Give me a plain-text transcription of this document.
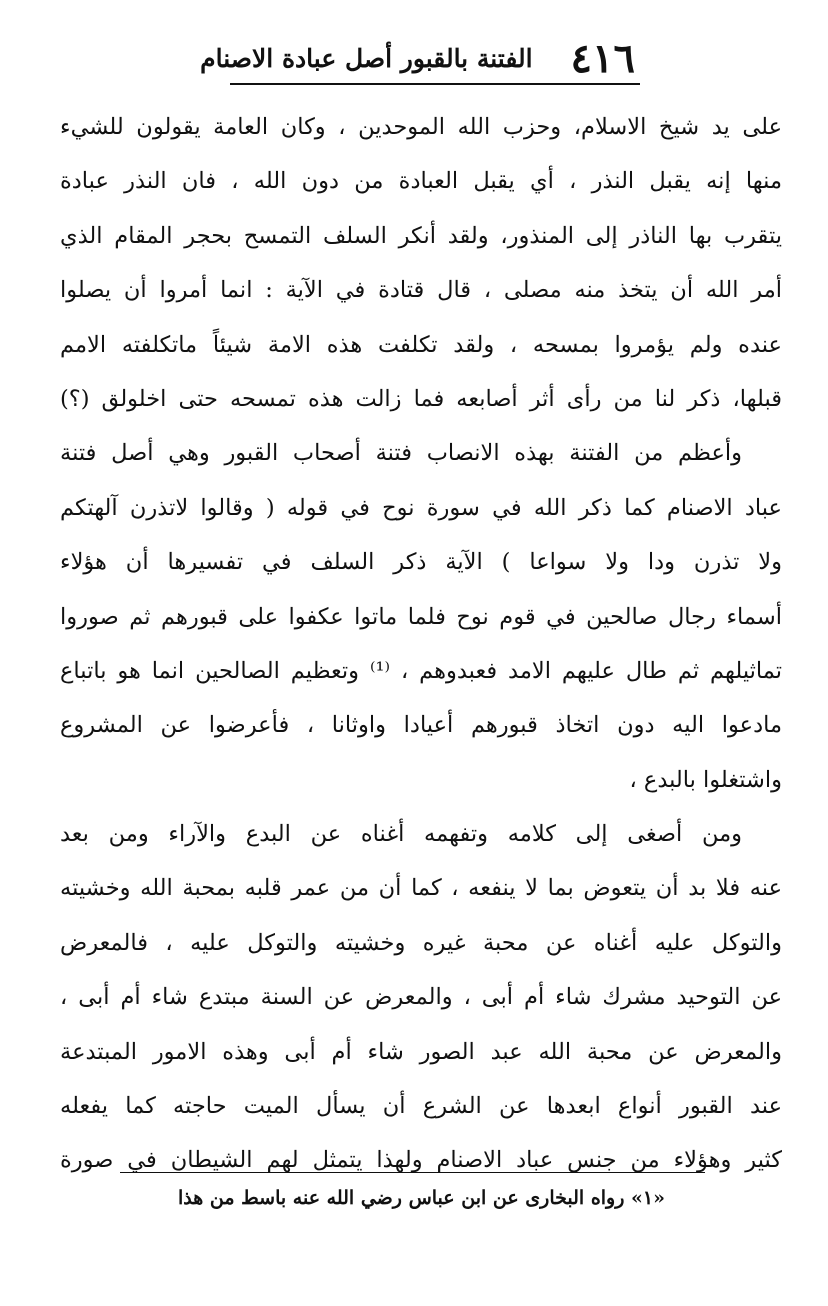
٤١٦
الفتنة بالقبور أصل عبادة الاصنام
على يد شيخ الاسلام، وحزب الله الموحدين ، وكان العامة يقولون للشيء
منها إنه يقبل النذر ، أي يقبل العبادة من دون الله ، فان النذر عبادة
يتقرب بها الناذر إلى المنذور، ولقد أنكر السلف التمسح بحجر المقام الذي
أمر الله أن يتخذ منه مصلى ، قال قتادة في الآية : انما أمروا أن يصلوا
عنده ولم يؤمروا بمسحه ، ولقد تكلفت هذه الامة شيئاً ماتكلفته الامم
قبلها، ذكر لنا من رأى أثر أصابعه فما زالت هذه تمسحه حتى اخلولق (؟)
وأعظم من الفتنة بهذه الانصاب فتنة أصحاب القبور وهي أصل فتنة
عباد الاصنام كما ذكر الله في سورة نوح في قوله ( وقالوا لاتذرن آلهتكم
ولا تذرن ودا ولا سواعا ) الآية ذكر السلف في تفسيرها أن هؤلاء
أسماء رجال صالحين في قوم نوح فلما ماتوا عكفوا على قبورهم ثم صوروا
تماثيلهم ثم طال عليهم الامد فعبدوهم ، ⁽¹⁾ وتعظيم الصالحين انما هو باتباع
مادعوا اليه دون اتخاذ قبورهم أعيادا واوثانا ، فأعرضوا عن المشروع
واشتغلوا بالبدع ،
ومن أصغى إلى كلامه وتفهمه أغناه عن البدع والآراء ومن بعد
عنه فلا بد أن يتعوض بما لا ينفعه ، كما أن من عمر قلبه بمحبة الله وخشيته
والتوكل عليه أغناه عن محبة غيره وخشيته والتوكل عليه ، فالمعرض
عن التوحيد مشرك شاء أم أبى ، والمعرض عن السنة مبتدع شاء أم أبى ،
والمعرض عن محبة الله عبد الصور شاء أم أبى وهذه الامور المبتدعة
عند القبور أنواع ابعدها عن الشرع أن يسأل الميت حاجته كما يفعله
كثير وهؤلاء من جنس عباد الاصنام ولهذا يتمثل لهم الشيطان في صورة
«١» رواه البخارى عن ابن عباس رضي الله عنه باسط من هذا
